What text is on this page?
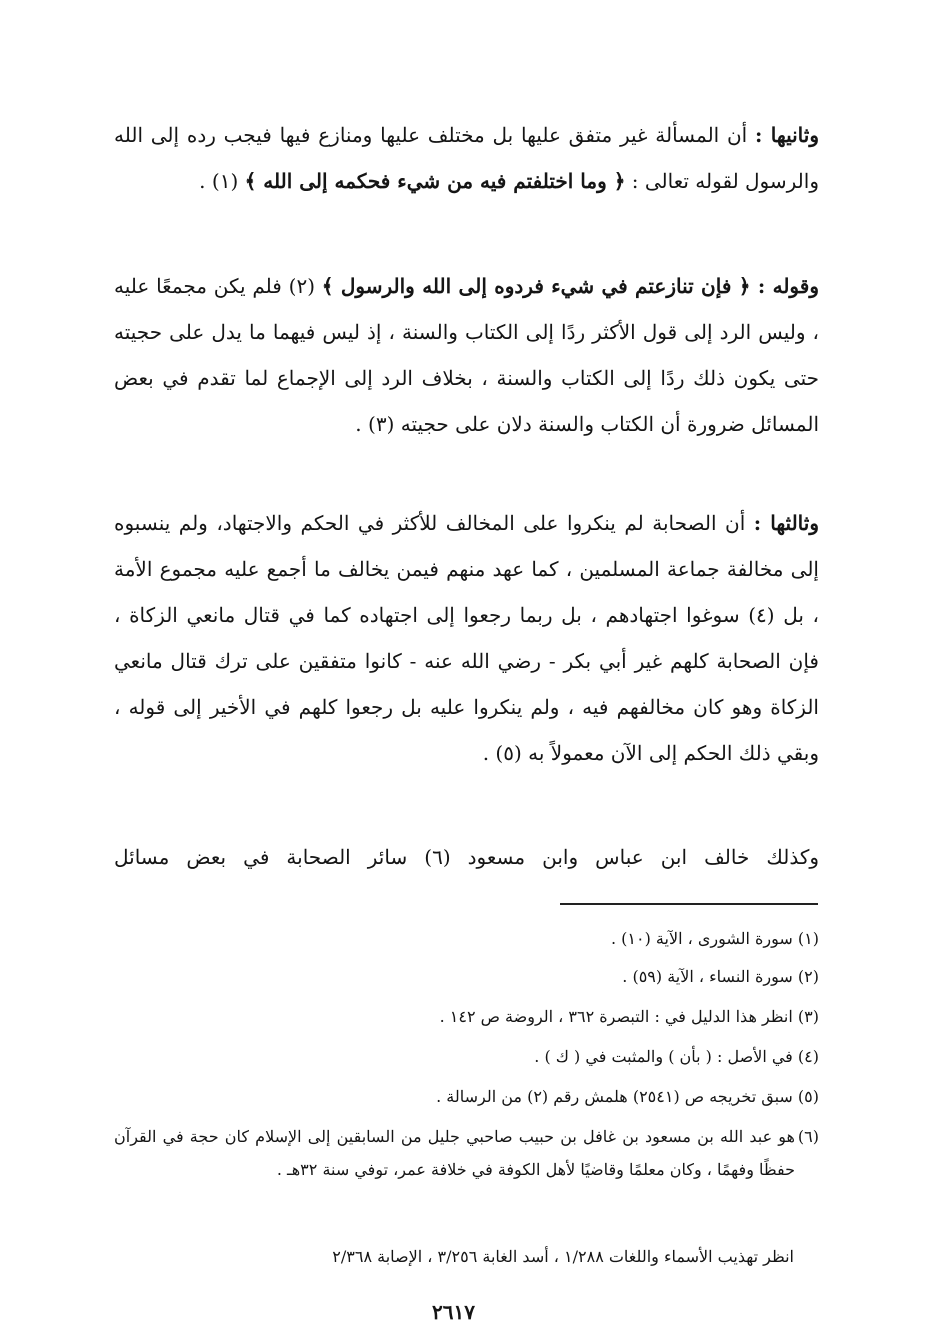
وثانيها : أن المسألة غير متفق عليها بل مختلف عليها ومنازع فيها فيجب رده إلى الله والرسول لقوله تعالى : ﴿ وما اختلفتم فيه من شيء فحكمه إلى الله ﴾ (١) .

وقوله : ﴿ فإن تنازعتم في شيء فردوه إلى الله والرسول ﴾ (٢) فلم يكن مجمعًا عليه ، وليس الرد إلى قول الأكثر ردًا إلى الكتاب والسنة ، إذ ليس فيهما ما يدل على حجيته حتى يكون ذلك ردًا إلى الكتاب والسنة ، بخلاف الرد إلى الإجماع لما تقدم في بعض المسائل ضرورة أن الكتاب والسنة دلان على حجيته (٣) .

وثالثها : أن الصحابة لم ينكروا على المخالف للأكثر في الحكم والاجتهاد، ولم ينسبوه إلى مخالفة جماعة المسلمين ، كما عهد منهم فيمن يخالف ما أجمع عليه مجموع الأمة ، بل (٤) سوغوا اجتهادهم ، بل ربما رجعوا إلى اجتهاده كما في قتال مانعي الزكاة ، فإن الصحابة كلهم غير أبي بكر - رضي الله عنه - كانوا متفقين على ترك قتال مانعي الزكاة وهو كان مخالفهم فيه ، ولم ينكروا عليه بل رجعوا كلهم في الأخير إلى قوله ، وبقي ذلك الحكم إلى الآن معمولاً به (٥) .

وكذلك خالف ابن عباس وابن مسعود (٦) سائر الصحابة في بعض مسائل

(١) سورة الشورى ، الآية (١٠) .

(٢) سورة النساء ، الآية (٥٩) .

(٣) انظر هذا الدليل في : التبصرة ٣٦٢ ، الروضة ص ١٤٢ .

(٤) في الأصل : ( بأن ) والمثبت في ( ك ) .

(٥) سبق تخريجه ص (٢٥٤١) هلمش رقم (٢) من الرسالة .

(٦)
هو عبد الله بن مسعود بن غافل بن حبيب صاحبي جليل من السابقين إلى الإسلام كان حجة في القرآن حفظًا وفهمًا ، وكان معلمًا وقاضيًا لأهل الكوفة في خلافة عمر، توفي سنة ٣٢هـ .

انظر تهذيب الأسماء واللغات ١/٢٨٨ ، أسد الغابة ٣/٢٥٦ ، الإصابة ٢/٣٦٨
٢٦١٧
